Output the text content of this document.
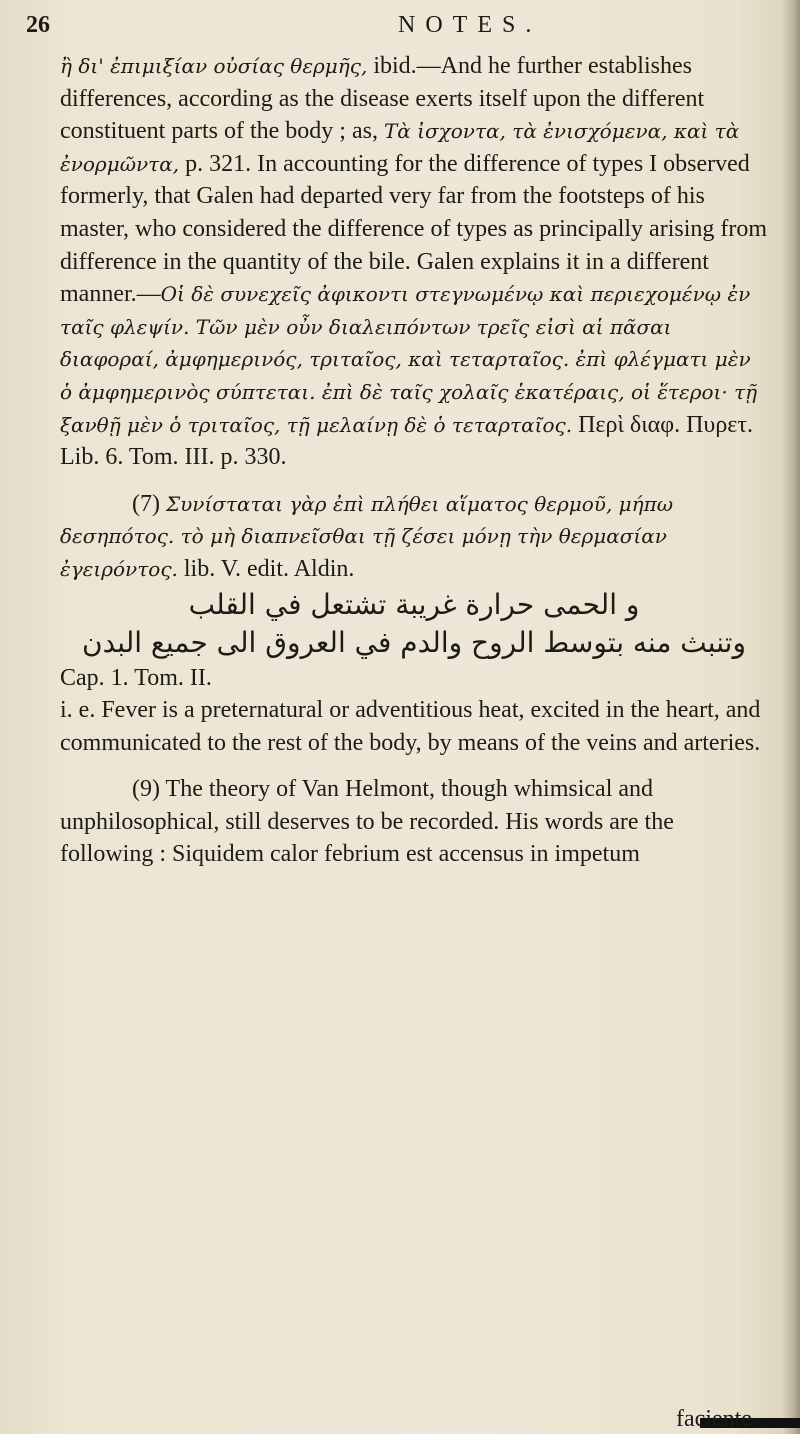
26	NOTES.

ἢ δι' ἐπιμιξίαν οὐσίας θερμῆς, ibid.—And he further establishes differences, according as the disease exerts itself upon the different constituent parts of the body ; as, Τὰ ἰσχοντα, τὰ ἐνισχόμενα, καὶ τὰ ἐνορμῶντα, p. 321. In accounting for the difference of types I observed formerly, that Galen had departed very far from the footsteps of his master, who considered the difference of types as principally arising from difference in the quantity of the bile. Galen explains it in a different manner.—Οἱ δὲ συνεχεῖς ἀφικοντι στεγνωμένῳ καὶ περιεχομένῳ ἐν ταῖς φλεψίν. Τῶν μὲν οὖν διαλειπόντων τρεῖς εἰσὶ αἱ πᾶσαι διαφοραί, ἀμφημερινός, τριταῖος, καὶ τεταρταῖος. ἐπὶ φλέγματι μὲν ὁ ἀμφημερινὸς σύπτεται. ἐπὶ δὲ ταῖς χολαῖς ἑκατέραις, οἱ ἕτεροι· τῇ ξανθῇ μὲν ὁ τριταῖος, τῇ μελαίνῃ δὲ ὁ τεταρταῖος. Περὶ διαφ. Πυρετ. Lib. 6. Tom. III. p. 330.

(7) Συνίσταται γὰρ ἐπὶ πλήθει αἵματος θερμοῦ, μήπω δεσηπότος. τὸ μὴ διαπνεῖσθαι τῇ ζέσει μόνῃ τὴν θερμασίαν ἐγειρόντος. lib. V. edit. Aldin.

و الحمى حرارة غريبة تشتعل في القلب

وتنبث منه بتوسط الروح والدم في العروق الى جميع البدن

Cap. 1. Tom. II.

i. e. Fever is a preternatural or adventitious heat, excited in the heart, and communicated to the rest of the body, by means of the veins and arteries.

(9) The theory of Van Helmont, though whimsical and unphilosophical, still deserves to be recorded. His words are the following : Siquidem calor febrium est accensus in impetum

faciente
